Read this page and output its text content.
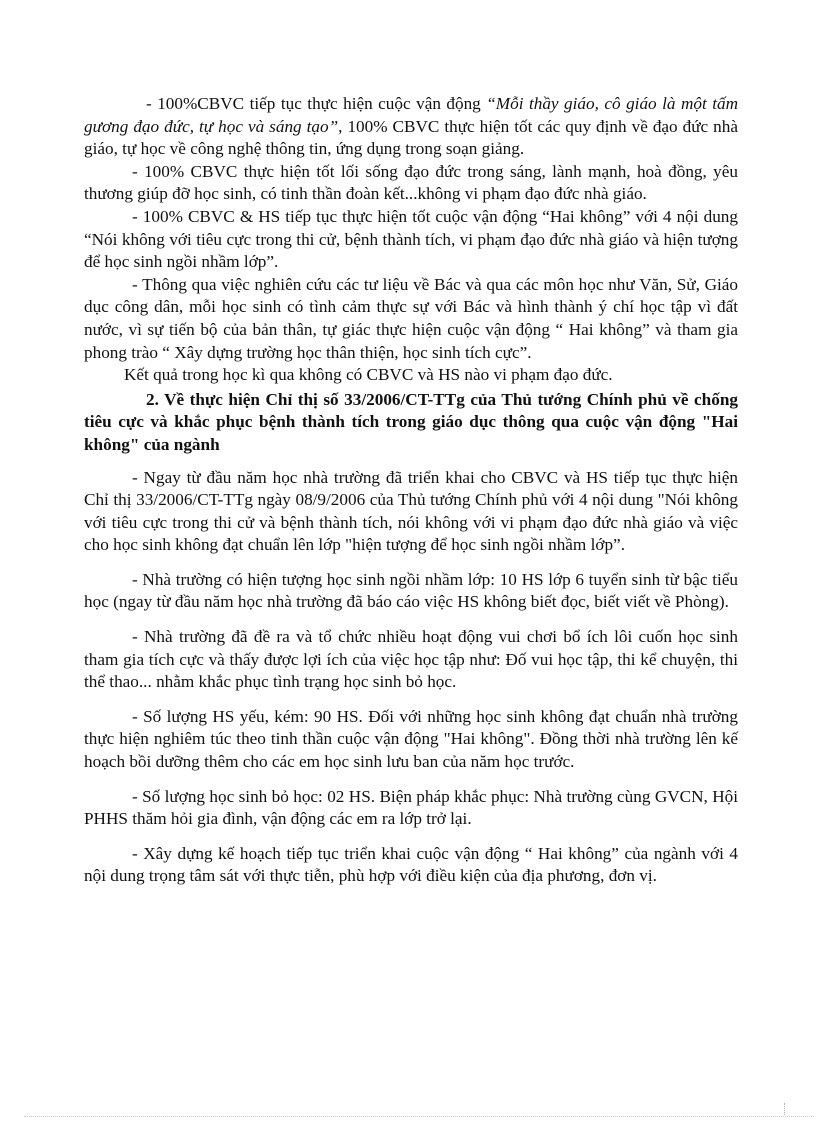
- 100%CBVC tiếp tục thực hiện cuộc vận động “Mỗi thầy giáo, cô giáo là một tấm gương đạo đức, tự học và sáng tạo”, 100% CBVC thực hiện tốt các quy định về đạo đức nhà giáo, tự học về công nghệ thông tin, ứng dụng trong soạn giảng.

- 100% CBVC thực hiện tốt lối sống đạo đức trong sáng, lành mạnh, hoà đồng, yêu thương giúp đỡ học sinh, có tinh thần đoàn kết...không vi phạm đạo đức nhà giáo.

- 100% CBVC & HS tiếp tục thực hiện tốt cuộc vận động “Hai không” với 4 nội dung “Nói không với tiêu cực trong thi cử, bệnh thành tích, vi phạm đạo đức nhà giáo và hiện tượng để học sinh ngồi nhầm lớp”.

- Thông qua việc nghiên cứu các tư liệu về Bác và qua các môn học như Văn, Sử, Giáo dục công dân, mỗi học sinh có tình cảm thực sự với Bác và hình thành ý chí học tập vì đất nước, vì sự tiến bộ của bản thân, tự giác thực hiện cuộc vận động “ Hai không” và tham gia phong trào “ Xây dựng trường học thân thiện, học sinh tích cực”.

Kết quả trong học kì qua không có CBVC và HS nào vi phạm đạo đức.

2. Về thực hiện Chỉ thị số 33/2006/CT-TTg của Thủ tướng Chính phủ về chống tiêu cực và khắc phục bệnh thành tích trong giáo dục thông qua cuộc vận động "Hai không" của ngành

- Ngay từ đầu năm học nhà trường đã triển khai cho CBVC và HS tiếp tục thực hiện Chỉ thị 33/2006/CT-TTg ngày 08/9/2006 của Thủ tướng Chính phủ với 4 nội dung "Nói không với tiêu cực trong thi cử và bệnh thành tích, nói không với vi phạm đạo đức nhà giáo và việc cho học sinh không đạt chuẩn lên lớp "hiện tượng để học sinh ngồi nhầm lớp”.

- Nhà trường có hiện tượng học sinh ngồi nhầm lớp: 10 HS lớp 6 tuyển sinh từ bậc tiểu học (ngay từ đầu năm học nhà trường đã báo cáo việc HS không biết đọc, biết viết về Phòng).

- Nhà trường đã đề ra và tổ chức nhiều hoạt động vui chơi bổ ích lôi cuốn học sinh tham gia tích cực và thấy được lợi ích của việc học tập như: Đố vui học tập, thi kể chuyện, thi thể thao... nhằm khắc phục tình trạng học sinh bỏ học.

- Số lượng HS yếu, kém: 90 HS. Đối với những học sinh không đạt chuẩn nhà trường thực hiện nghiêm túc theo tinh thần cuộc vận động "Hai không". Đồng thời nhà trường lên kế hoạch bồi dưỡng thêm cho các em học sinh lưu ban của năm học trước.

- Số lượng học sinh bỏ học: 02 HS. Biện pháp khắc phục: Nhà trường cùng GVCN, Hội PHHS thăm hỏi gia đình, vận động các em ra lớp trở lại.

- Xây dựng kế hoạch tiếp tục triển khai cuộc vận động “ Hai không” của ngành với 4 nội dung trọng tâm sát với thực tiễn, phù hợp với điều kiện của địa phương, đơn vị.
